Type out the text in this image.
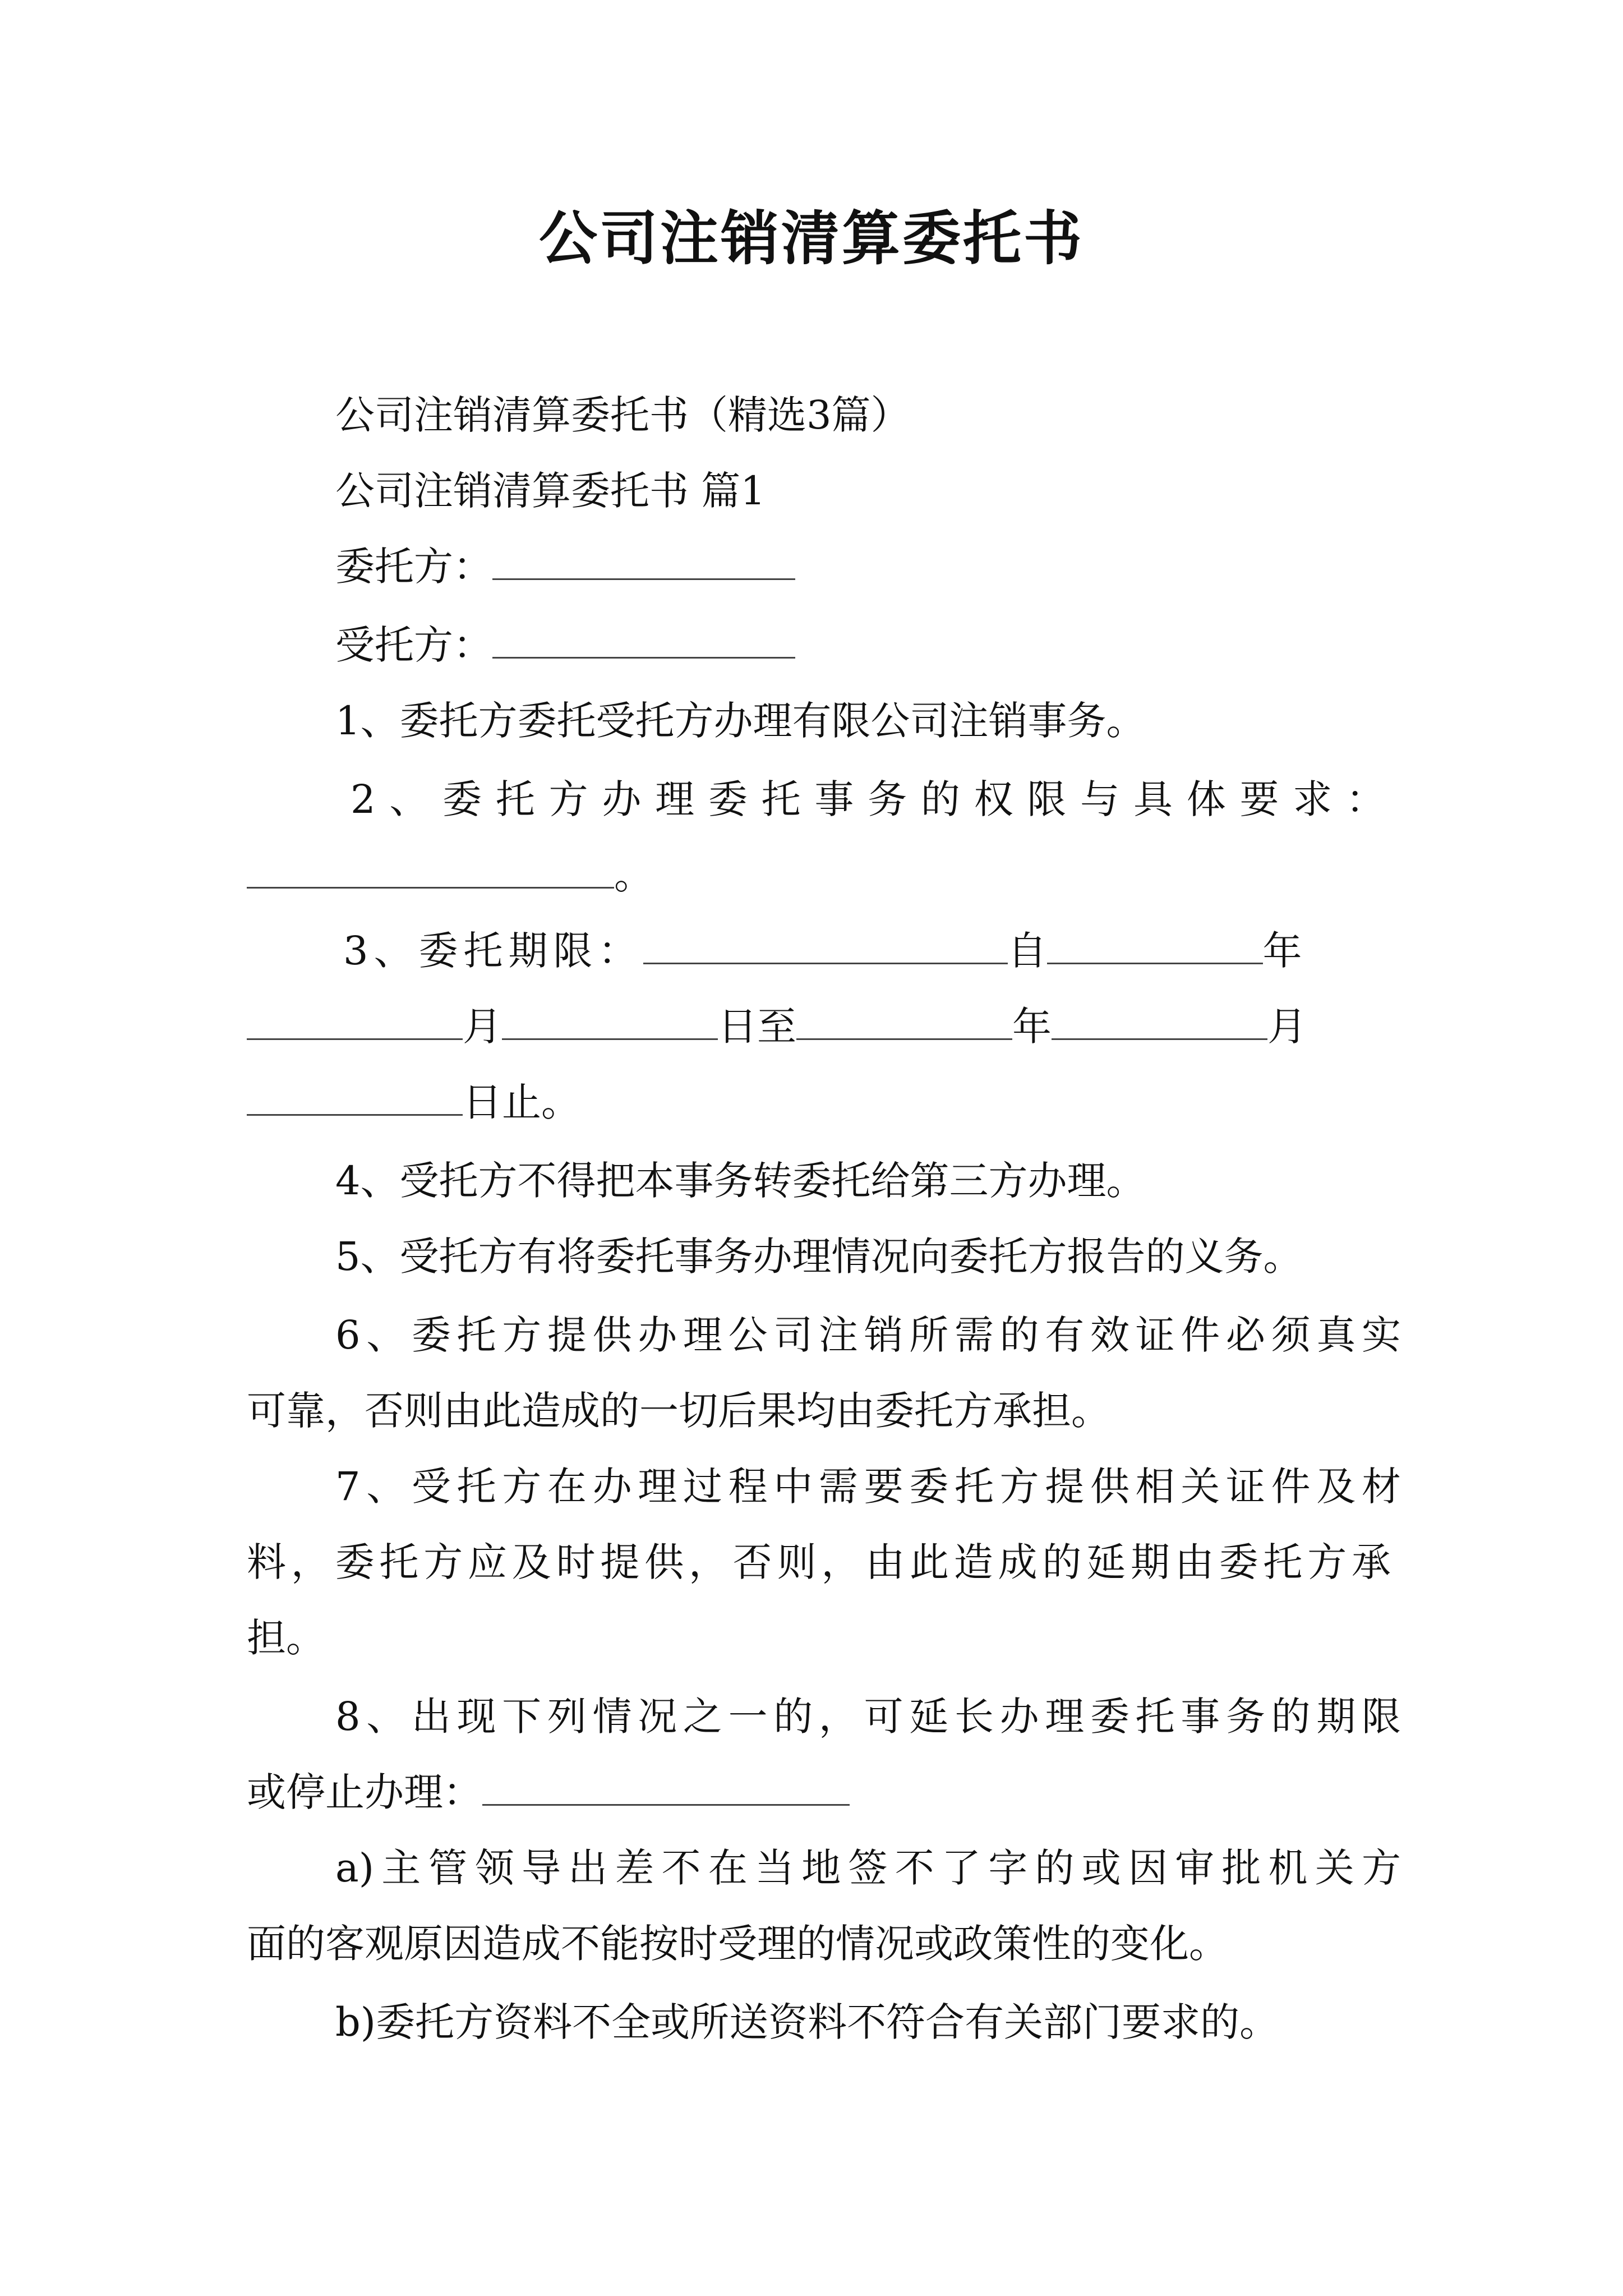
公司注销清算委托书
公司注销清算委托书（精选3篇）
公司注销清算委托书 篇1
委托方：
受托方：
1、委托方委托受托方办理有限公司注销事务。
2、委托方办理委托事务的权限与具体要求：
。
3、委托期限：	自	年
月	日至	年	月
日止。
4、受托方不得把本事务转委托给第三方办理。
5、受托方有将委托事务办理情况向委托方报告的义务。
6、委托方提供办理公司注销所需的有效证件必须真实
可靠，否则由此造成的一切后果均由委托方承担。
7、受托方在办理过程中需要委托方提供相关证件及材
料，委托方应及时提供，否则，由此造成的延期由委托方承
担。
8、出现下列情况之一的，可延长办理委托事务的期限
或停止办理：
a)主管领导出差不在当地签不了字的或因审批机关方
面的客观原因造成不能按时受理的情况或政策性的变化。
b)委托方资料不全或所送资料不符合有关部门要求的。
